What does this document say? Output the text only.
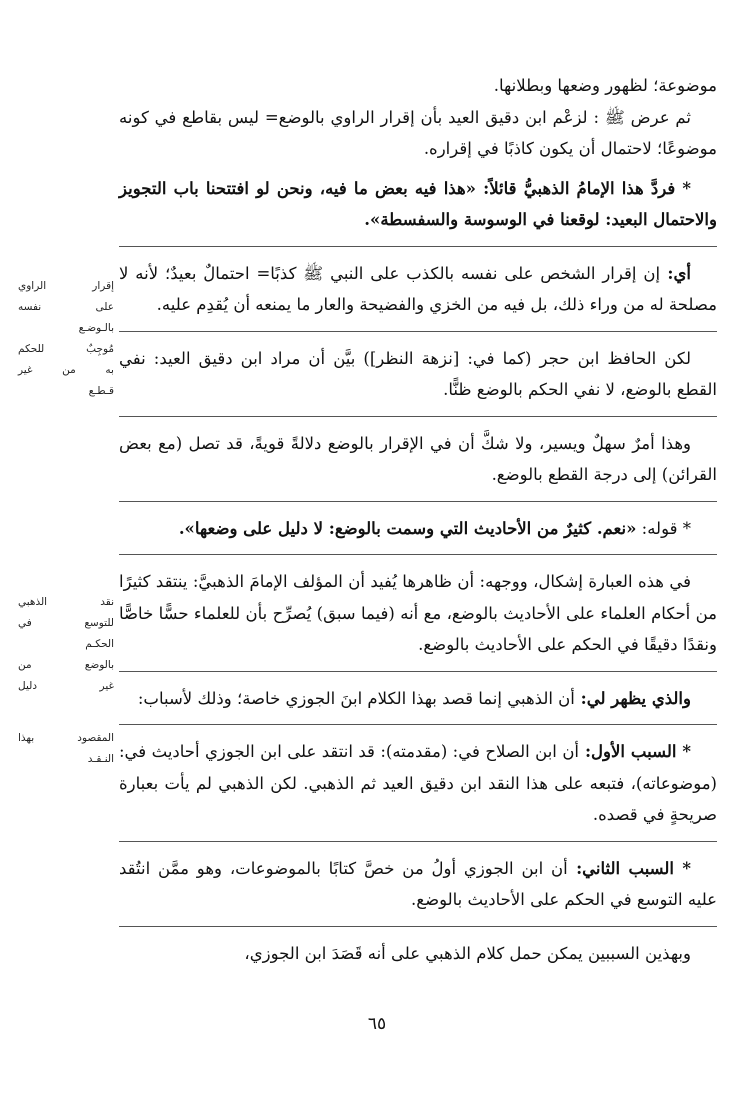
موضوعة؛ لظهور وضعها وبطلانها.

ثم عرض ﷺ : لزعْم ابن دقيق العيد بأن إقرار الراوي بالوضع= ليس بقاطع في كونه موضوعًا؛ لاحتمال أن يكون كاذبًا في إقراره.

* فردَّ هذا الإمامُ الذهبيُّ قائلاً: «هذا فيه بعض ما فيه، ونحن لو افتتحنا باب التجويز والاحتمال البعيد: لوقعنا في الوسوسة والسفسطة».

أي: إن إقرار الشخص على نفسه بالكذب على النبي ﷺ كذبًا= احتمالٌ بعيدٌ؛ لأنه لا مصلحة له من وراء ذلك، بل فيه من الخزي والفضيحة والعار ما يمنعه أن يُقدِم عليه.

لكن الحافظ ابن حجر (كما في: [نزهة النظر]) بيَّن أن مراد ابن دقيق العيد: نفي القطع بالوضع، لا نفي الحكم بالوضع ظنًّا.

وهذا أمرٌ سهلٌ ويسير، ولا شكَّ أن في الإقرار بالوضع دلالةً قويةً، قد تصل (مع بعض القرائن) إلى درجة القطع بالوضع.

* قوله: «نعم. كثيرٌ من الأحاديث التي وسمت بالوضع: لا دليل على وضعها».

في هذه العبارة إشكال، ووجهه: أن ظاهرها يُفيد أن المؤلف الإمامَ الذهبيَّ: ينتقد كثيرًا من أحكام العلماء على الأحاديث بالوضع، مع أنه (فيما سبق) يُصرِّح بأن للعلماء حسًّا خاصًّا ونقدًا دقيقًا في الحكم على الأحاديث بالوضع.

والذي يظهر لي: أن الذهبي إنما قصد بهذا الكلام ابنَ الجوزي خاصة؛ وذلك لأسباب:

* السبب الأول: أن ابن الصلاح في: (مقدمته): قد انتقد على ابن الجوزي أحاديث في: (موضوعاته)، فتبعه على هذا النقد ابن دقيق العيد ثم الذهبي. لكن الذهبي لم يأت بعبارة صريحةٍ في قصده.

* السبب الثاني: أن ابن الجوزي أولُ من خصَّ كتابًا بالموضوعات، وهو ممَّن انتُقد عليه التوسع في الحكم على الأحاديث بالوضع.

وبهذين السببين يمكن حمل كلام الذهبي على أنه قَصَدَ ابن الجوزي،

إقرار الراوي
على نفسه
بالـوضـع
مُوجِبٌ للحكم
به من غير
قـطـع
نقد الذهبي
للتوسع في
الحكـم
بالوضع من
غير دليل
المقصود بهذا
النـقـد
٦٥
